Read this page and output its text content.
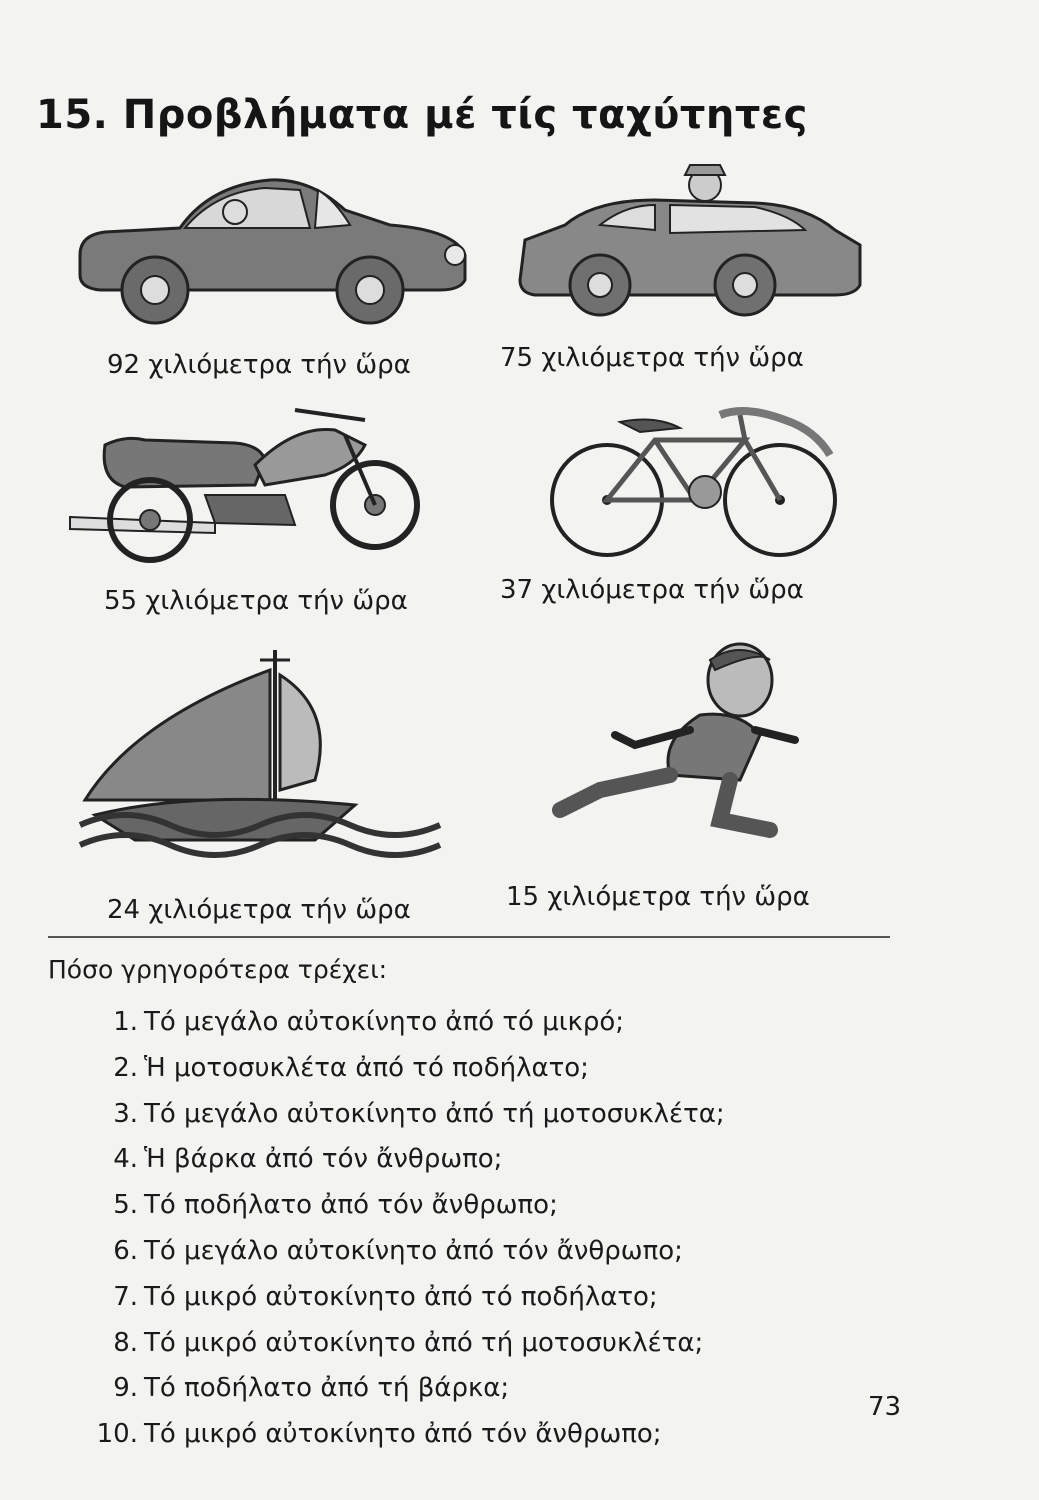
15. Προβλήματα μέ τίς ταχύτητες
92 χιλιόμετρα τήν ὥρα	75 χιλιόμετρα τήν ὥρα
55 χιλιόμετρα τήν ὥρα	37 χιλιόμετρα τήν ὥρα
24 χιλιόμετρα τήν ὥρα	15 χιλιόμετρα τήν ὥρα
Πόσο γρηγορότερα τρέχει:
1. Τό μεγάλο αὐτοκίνητο ἀπό τό μικρό;
2. Ἡ μοτοσυκλέτα ἀπό τό ποδήλατο;
3. Τό μεγάλο αὐτοκίνητο ἀπό τή μοτοσυκλέτα;
4. Ἡ βάρκα ἀπό τόν ἄνθρωπο;
5. Τό ποδήλατο ἀπό τόν ἄνθρωπο;
6. Τό μεγάλο αὐτοκίνητο ἀπό τόν ἄνθρωπο;
7. Τό μικρό αὐτοκίνητο ἀπό τό ποδήλατο;
8. Τό μικρό αὐτοκίνητο ἀπό τή μοτοσυκλέτα;
9. Τό ποδήλατο ἀπό τή βάρκα;
10. Τό μικρό αὐτοκίνητο ἀπό τόν ἄνθρωπο;
73
